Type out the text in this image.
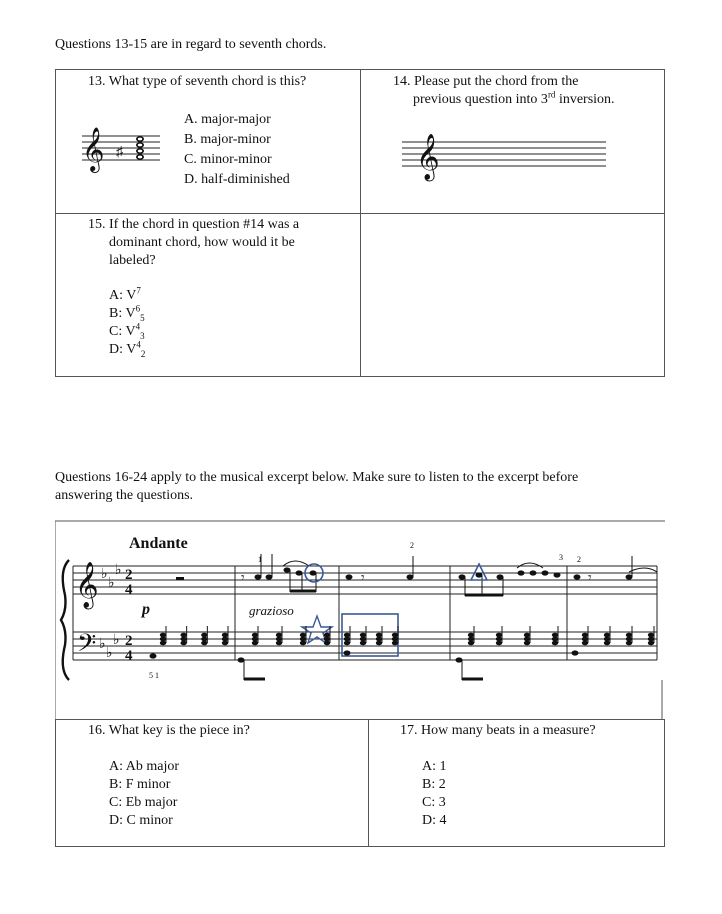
Questions 13-15 are in regard to seventh chords.
13. What type of seventh chord is this?
A. major-major
B. major-minor
C. minor-minor
D. half-diminished
𝄞 ♯
14. Please put the chord from the
previous question into 3rd inversion.
𝄞
15. If the chord in question #14 was a
dominant chord, how would it be
labeled?
A: $V^7$
B: $V^6_5$
C: $V^4_3$
D: $V^4_2$
Questions 16-24 apply to the musical excerpt below. Make sure to listen to the excerpt before
answering the questions.
Andante
𝄞
𝄢
♭
♭
♭
♭
♭
♭
2
4
2
4
p	grazioso
5 1
𝄾	𝄾	𝄾
1
2
3 2
16. What key is the piece in?
A: Ab major
B: F minor
C: Eb major
D: C minor
17. How many beats in a measure?
A: 1
B: 2
C: 3
D: 4
